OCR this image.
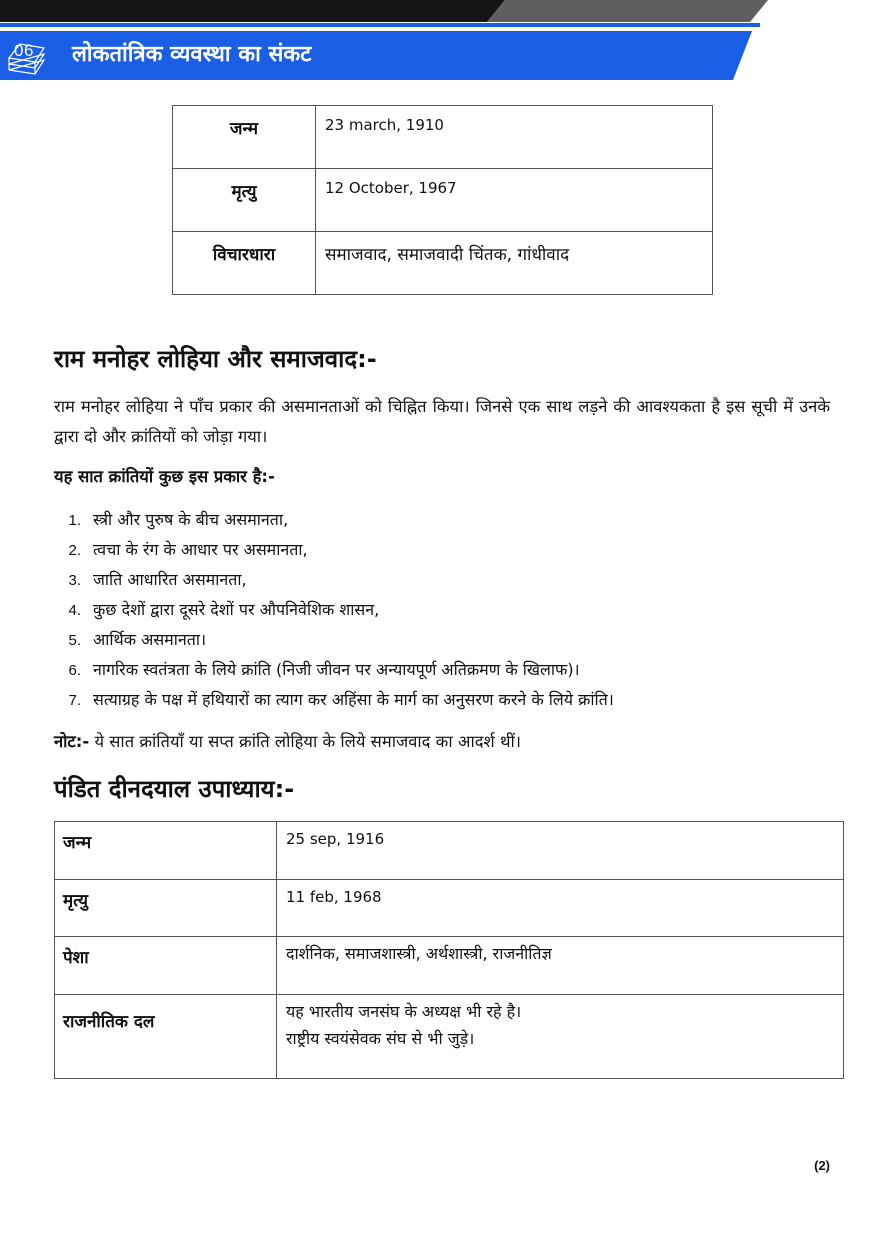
06 लोकतांत्रिक व्यवस्था का संकट
जन्म	23 march, 1910
मृत्यु	12 October, 1967
विचारधारा	समाजवाद, समाजवादी चिंतक, गांधीवाद
राम मनोहर लोहिया और समाजवाद:-
राम मनोहर लोहिया ने पाँच प्रकार की असमानताओं को चिह्नित किया। जिनसे एक साथ लड़ने की आवश्यकता है इस सूची में उनके द्वारा दो और क्रांतियों को जोड़ा गया।
यह सात क्रांतियों कुछ इस प्रकार है:-
1. स्त्री और पुरुष के बीच असमानता,
2. त्वचा के रंग के आधार पर असमानता,
3. जाति आधारित असमानता,
4. कुछ देशों द्वारा दूसरे देशों पर औपनिवेशिक शासन,
5. आर्थिक असमानता।
6. नागरिक स्वतंत्रता के लिये क्रांति (निजी जीवन पर अन्यायपूर्ण अतिक्रमण के खिलाफ)।
7. सत्याग्रह के पक्ष में हथियारों का त्याग कर अहिंसा के मार्ग का अनुसरण करने के लिये क्रांति।
नोट:- ये सात क्रांतियाँ या सप्त क्रांति लोहिया के लिये समाजवाद का आदर्श थीं।
पंडित दीनदयाल उपाध्याय:-
जन्म	25 sep, 1916
मृत्यु	11 feb, 1968
पेशा	दार्शनिक, समाजशास्त्री, अर्थशास्त्री, राजनीतिज्ञ
राजनीतिक दल	यह भारतीय जनसंघ के अध्यक्ष भी रहे है।
राष्ट्रीय स्वयंसेवक संघ से भी जुड़े।
(2)
